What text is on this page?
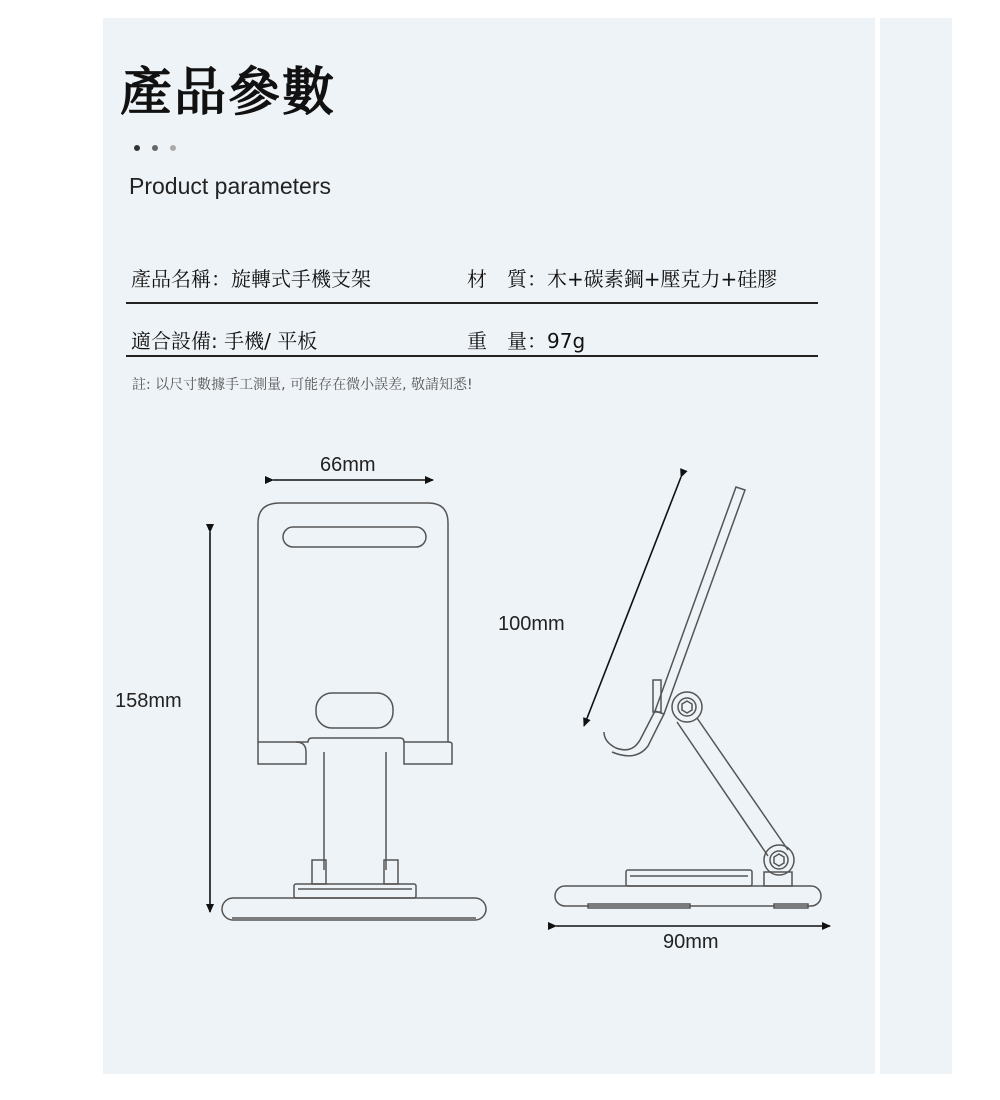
產品參數
Product parameters
產品名稱：旋轉式手機支架	材　質：木+碳素鋼+壓克力+硅膠
適合設備: 手機/ 平板	重　量：97g
註: 以尺寸數據手工測量, 可能存在微小誤差, 敬請知悉!
66mm
158mm
100mm
90mm
